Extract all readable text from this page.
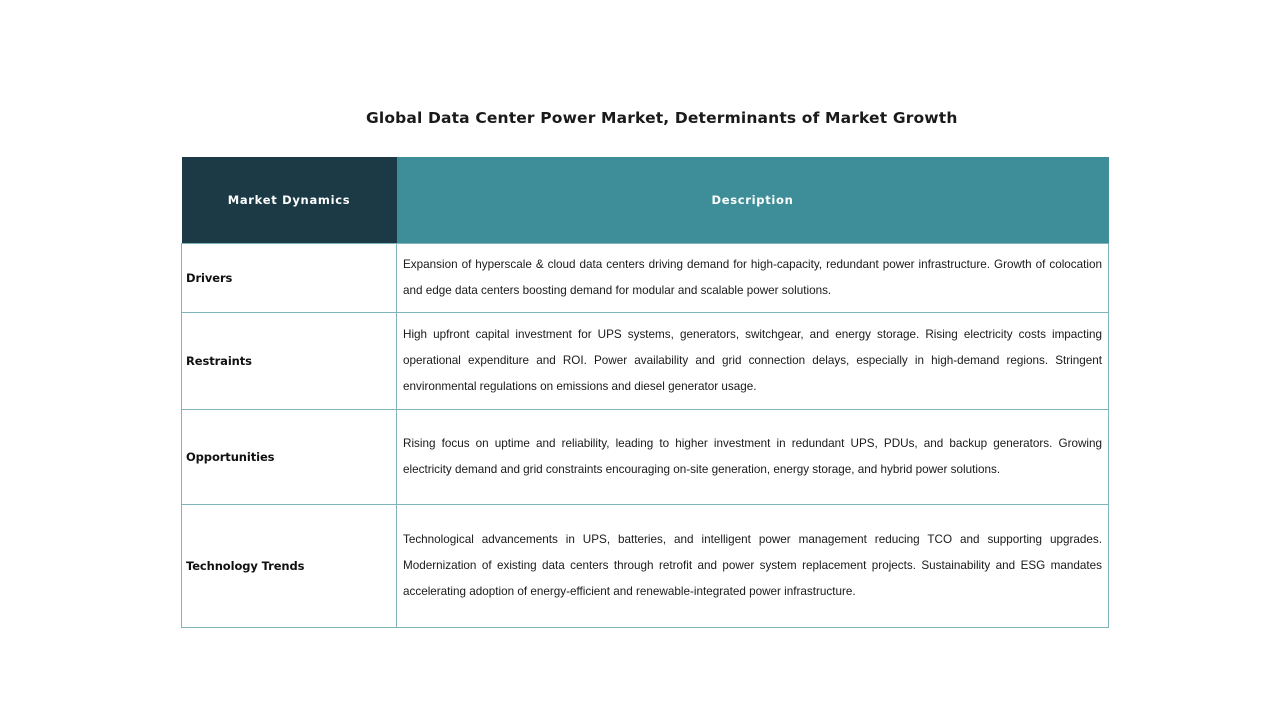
Global Data Center Power Market, Determinants of Market Growth
Market Dynamics	Description
Drivers	Expansion of hyperscale & cloud data centers driving demand for high-capacity, redundant power infrastructure. Growth of colocation and edge data centers boosting demand for modular and scalable power solutions.
Restraints	High upfront capital investment for UPS systems, generators, switchgear, and energy storage. Rising electricity costs impacting operational expenditure and ROI. Power availability and grid connection delays, especially in high-demand regions. Stringent environmental regulations on emissions and diesel generator usage.
Opportunities	Rising focus on uptime and reliability, leading to higher investment in redundant UPS, PDUs, and backup generators. Growing electricity demand and grid constraints encouraging on-site generation, energy storage, and hybrid power solutions.
Technology Trends	Technological advancements in UPS, batteries, and intelligent power management reducing TCO and supporting upgrades. Modernization of existing data centers through retrofit and power system replacement projects. Sustainability and ESG mandates accelerating adoption of energy-efficient and renewable-integrated power infrastructure.
